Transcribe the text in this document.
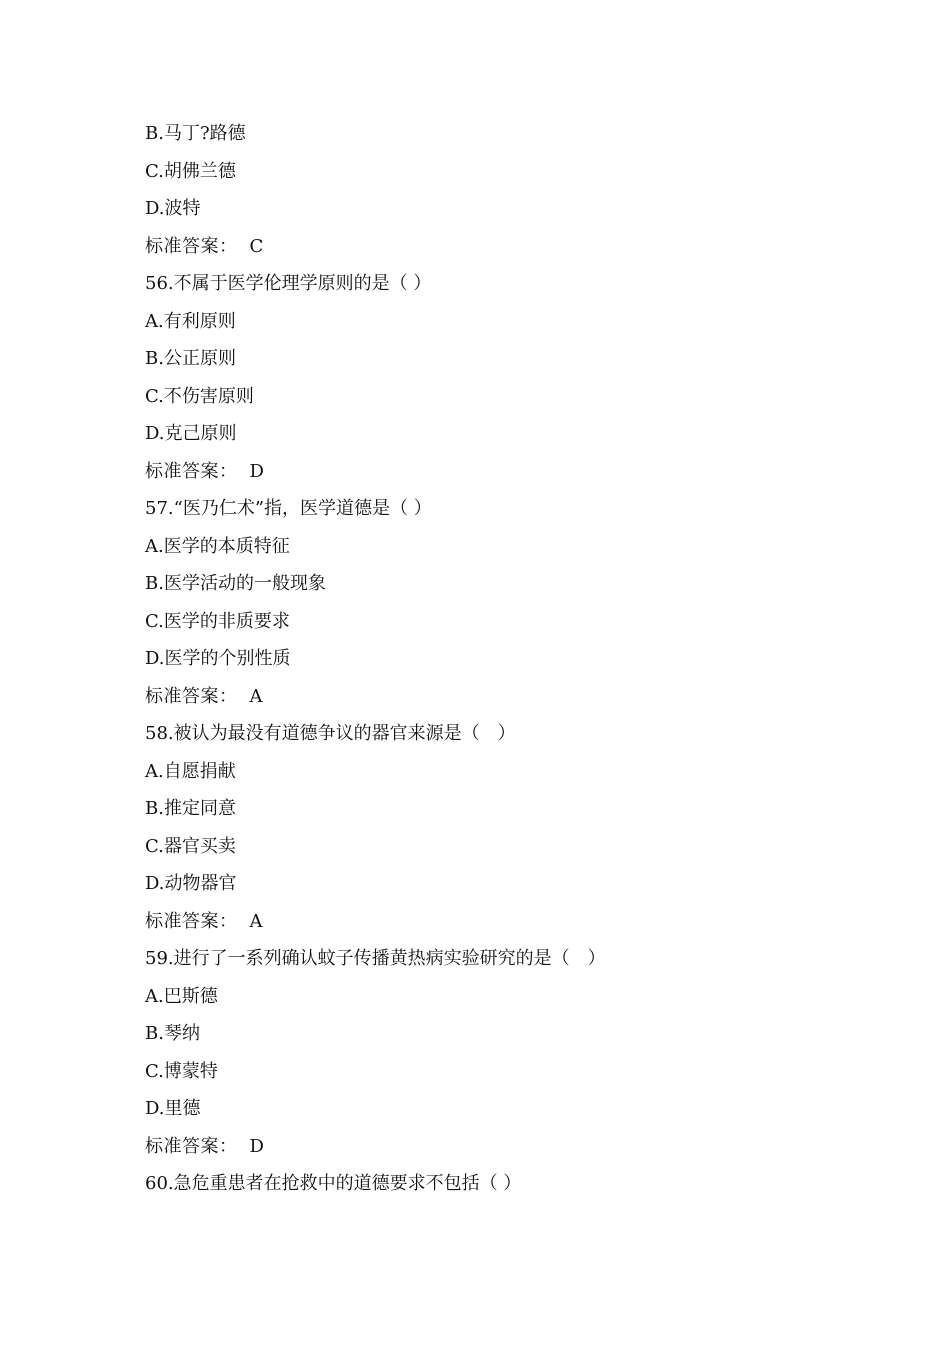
B.马丁?路德
C.胡佛兰德
D.波特
标准答案： C
56.不属于医学伦理学原则的是（ ）
A.有利原则
B.公正原则
C.不伤害原则
D.克己原则
标准答案： D
57.“医乃仁术”指，医学道德是（ ）
A.医学的本质特征
B.医学活动的一般现象
C.医学的非质要求
D.医学的个别性质
标准答案： A
58.被认为最没有道德争议的器官来源是（　）
A.自愿捐献
B.推定同意
C.器官买卖
D.动物器官
标准答案： A
59.进行了一系列确认蚊子传播黄热病实验研究的是（　）
A.巴斯德
B.琴纳
C.博蒙特
D.里德
标准答案： D
60.急危重患者在抢救中的道德要求不包括（ ）
